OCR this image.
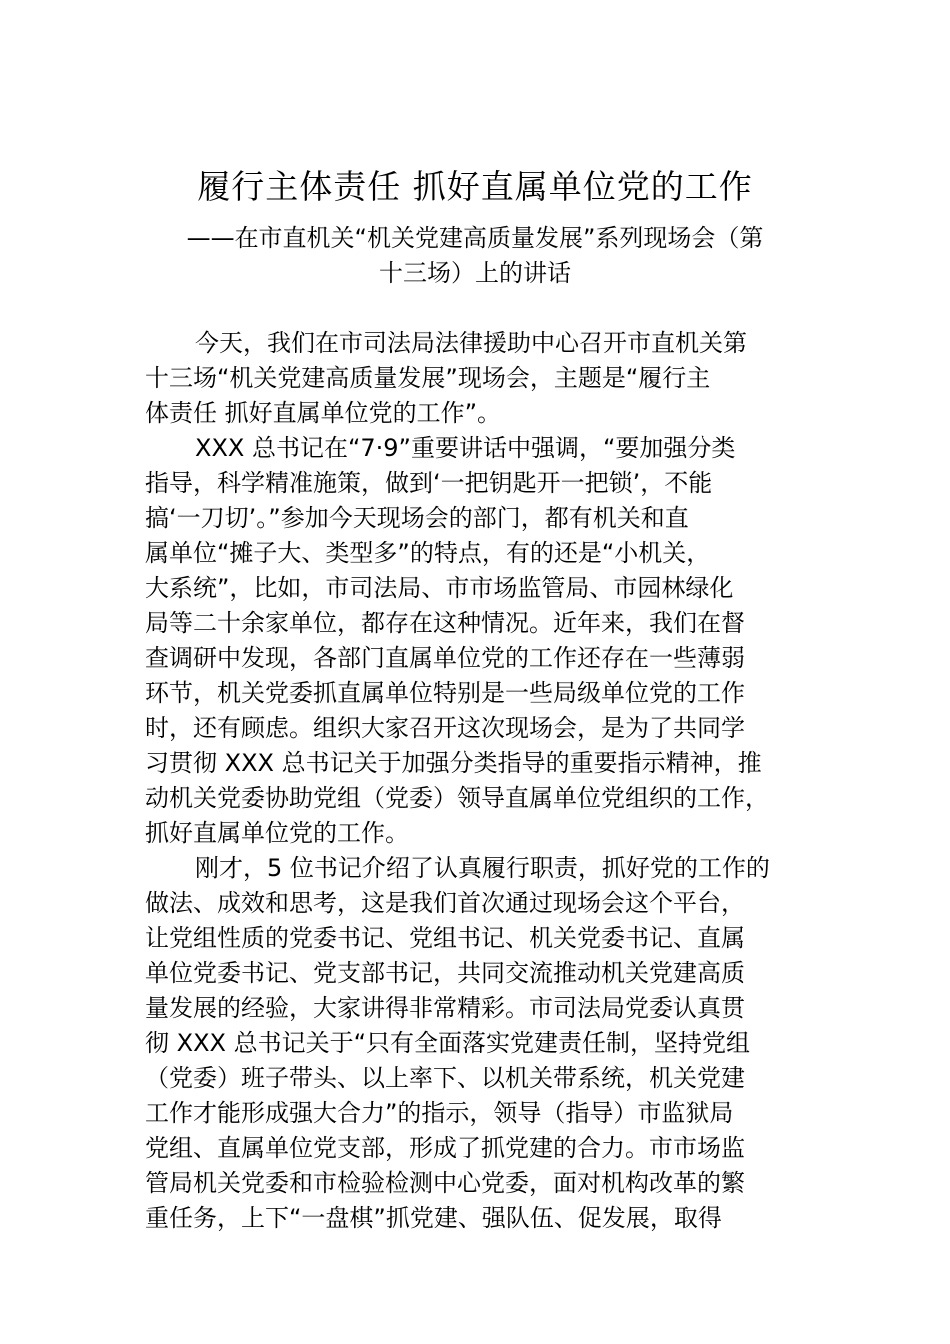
履行主体责任 抓好直属单位党的工作
——在市直机关“机关党建高质量发展”系列现场会（第
十三场）上的讲话
今天，我们在市司法局法律援助中心召开市直机关第
十三场“机关党建高质量发展”现场会，主题是“履行主
体责任 抓好直属单位党的工作”。
XXX 总书记在“7·9”重要讲话中强调，“要加强分类
指导，科学精准施策，做到‘一把钥匙开一把锁’，不能
搞‘一刀切’。”参加今天现场会的部门，都有机关和直
属单位“摊子大、类型多”的特点，有的还是“小机关，
大系统”，比如，市司法局、市市场监管局、市园林绿化
局等二十余家单位，都存在这种情况。近年来，我们在督
查调研中发现，各部门直属单位党的工作还存在一些薄弱
环节，机关党委抓直属单位特别是一些局级单位党的工作
时，还有顾虑。组织大家召开这次现场会，是为了共同学
习贯彻 XXX 总书记关于加强分类指导的重要指示精神，推
动机关党委协助党组（党委）领导直属单位党组织的工作，
抓好直属单位党的工作。
刚才，5 位书记介绍了认真履行职责，抓好党的工作的
做法、成效和思考，这是我们首次通过现场会这个平台，
让党组性质的党委书记、党组书记、机关党委书记、直属
单位党委书记、党支部书记，共同交流推动机关党建高质
量发展的经验，大家讲得非常精彩。市司法局党委认真贯
彻 XXX 总书记关于“只有全面落实党建责任制，坚持党组
（党委）班子带头、以上率下、以机关带系统，机关党建
工作才能形成强大合力”的指示，领导（指导）市监狱局
党组、直属单位党支部，形成了抓党建的合力。市市场监
管局机关党委和市检验检测中心党委，面对机构改革的繁
重任务，上下“一盘棋”抓党建、强队伍、促发展，取得
